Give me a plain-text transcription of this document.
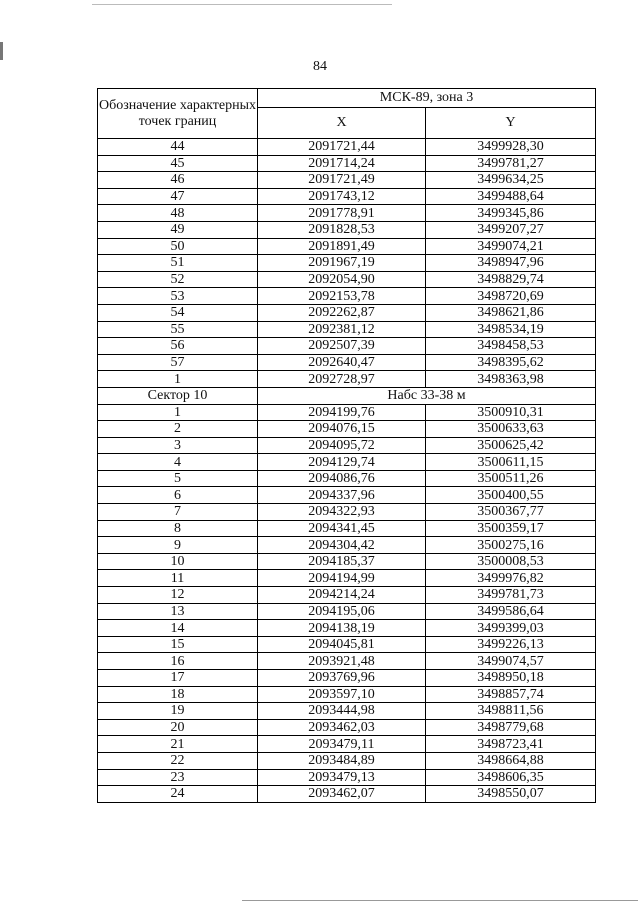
84
Обозначение характерных точек границ	МСК-89, зона 3	
	X	Y
44	2091721,44	3499928,30
45	2091714,24	3499781,27
46	2091721,49	3499634,25
47	2091743,12	3499488,64
48	2091778,91	3499345,86
49	2091828,53	3499207,27
50	2091891,49	3499074,21
51	2091967,19	3498947,96
52	2092054,90	3498829,74
53	2092153,78	3498720,69
54	2092262,87	3498621,86
55	2092381,12	3498534,19
56	2092507,39	3498458,53
57	2092640,47	3498395,62
1	2092728,97	3498363,98
Сектор 10	Набс 33-38 м	
1	2094199,76	3500910,31
2	2094076,15	3500633,63
3	2094095,72	3500625,42
4	2094129,74	3500611,15
5	2094086,76	3500511,26
6	2094337,96	3500400,55
7	2094322,93	3500367,77
8	2094341,45	3500359,17
9	2094304,42	3500275,16
10	2094185,37	3500008,53
11	2094194,99	3499976,82
12	2094214,24	3499781,73
13	2094195,06	3499586,64
14	2094138,19	3499399,03
15	2094045,81	3499226,13
16	2093921,48	3499074,57
17	2093769,96	3498950,18
18	2093597,10	3498857,74
19	2093444,98	3498811,56
20	2093462,03	3498779,68
21	2093479,11	3498723,41
22	2093484,89	3498664,88
23	2093479,13	3498606,35
24	2093462,07	3498550,07
